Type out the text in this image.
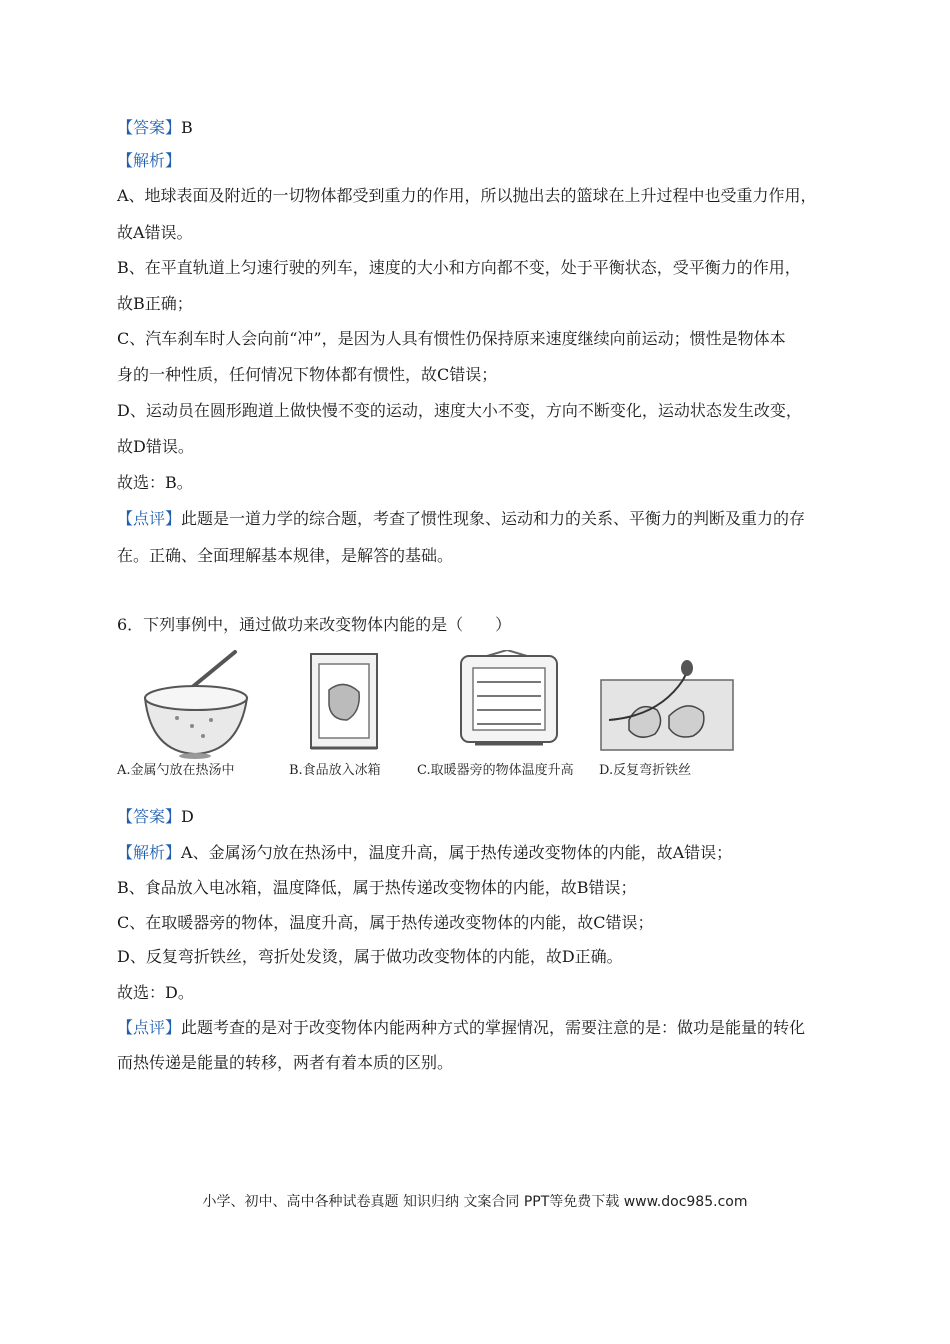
【答案】B
【解析】
A、地球表面及附近的一切物体都受到重力的作用，所以抛出去的篮球在上升过程中也受重力作用，
故A错误。
B、在平直轨道上匀速行驶的列车，速度的大小和方向都不变，处于平衡状态，受平衡力的作用，
故B正确；
C、汽车刹车时人会向前“冲”，是因为人具有惯性仍保持原来速度继续向前运动；惯性是物体本
身的一种性质，任何情况下物体都有惯性，故C错误；
D、运动员在圆形跑道上做快慢不变的运动，速度大小不变，方向不断变化，运动状态发生改变，
故D错误。
故选：B。
【点评】此题是一道力学的综合题，考查了惯性现象、运动和力的关系、平衡力的判断及重力的存
在。正确、全面理解基本规律，是解答的基础。
6．下列事例中，通过做功来改变物体内能的是（　　）
A.金属勺放在热汤中	B.食品放入冰箱	C.取暖器旁的物体温度升高 D.反复弯折铁丝
【答案】D
【解析】A、金属汤勺放在热汤中，温度升高，属于热传递改变物体的内能，故A错误；
B、食品放入电冰箱，温度降低，属于热传递改变物体的内能，故B错误；
C、在取暖器旁的物体，温度升高，属于热传递改变物体的内能，故C错误；
D、反复弯折铁丝，弯折处发烫，属于做功改变物体的内能，故D正确。
故选：D。
【点评】此题考查的是对于改变物体内能两种方式的掌握情况，需要注意的是：做功是能量的转化
而热传递是能量的转移，两者有着本质的区别。
小学、初中、高中各种试卷真题 知识归纳 文案合同 PPT等免费下载 www.doc985.com
